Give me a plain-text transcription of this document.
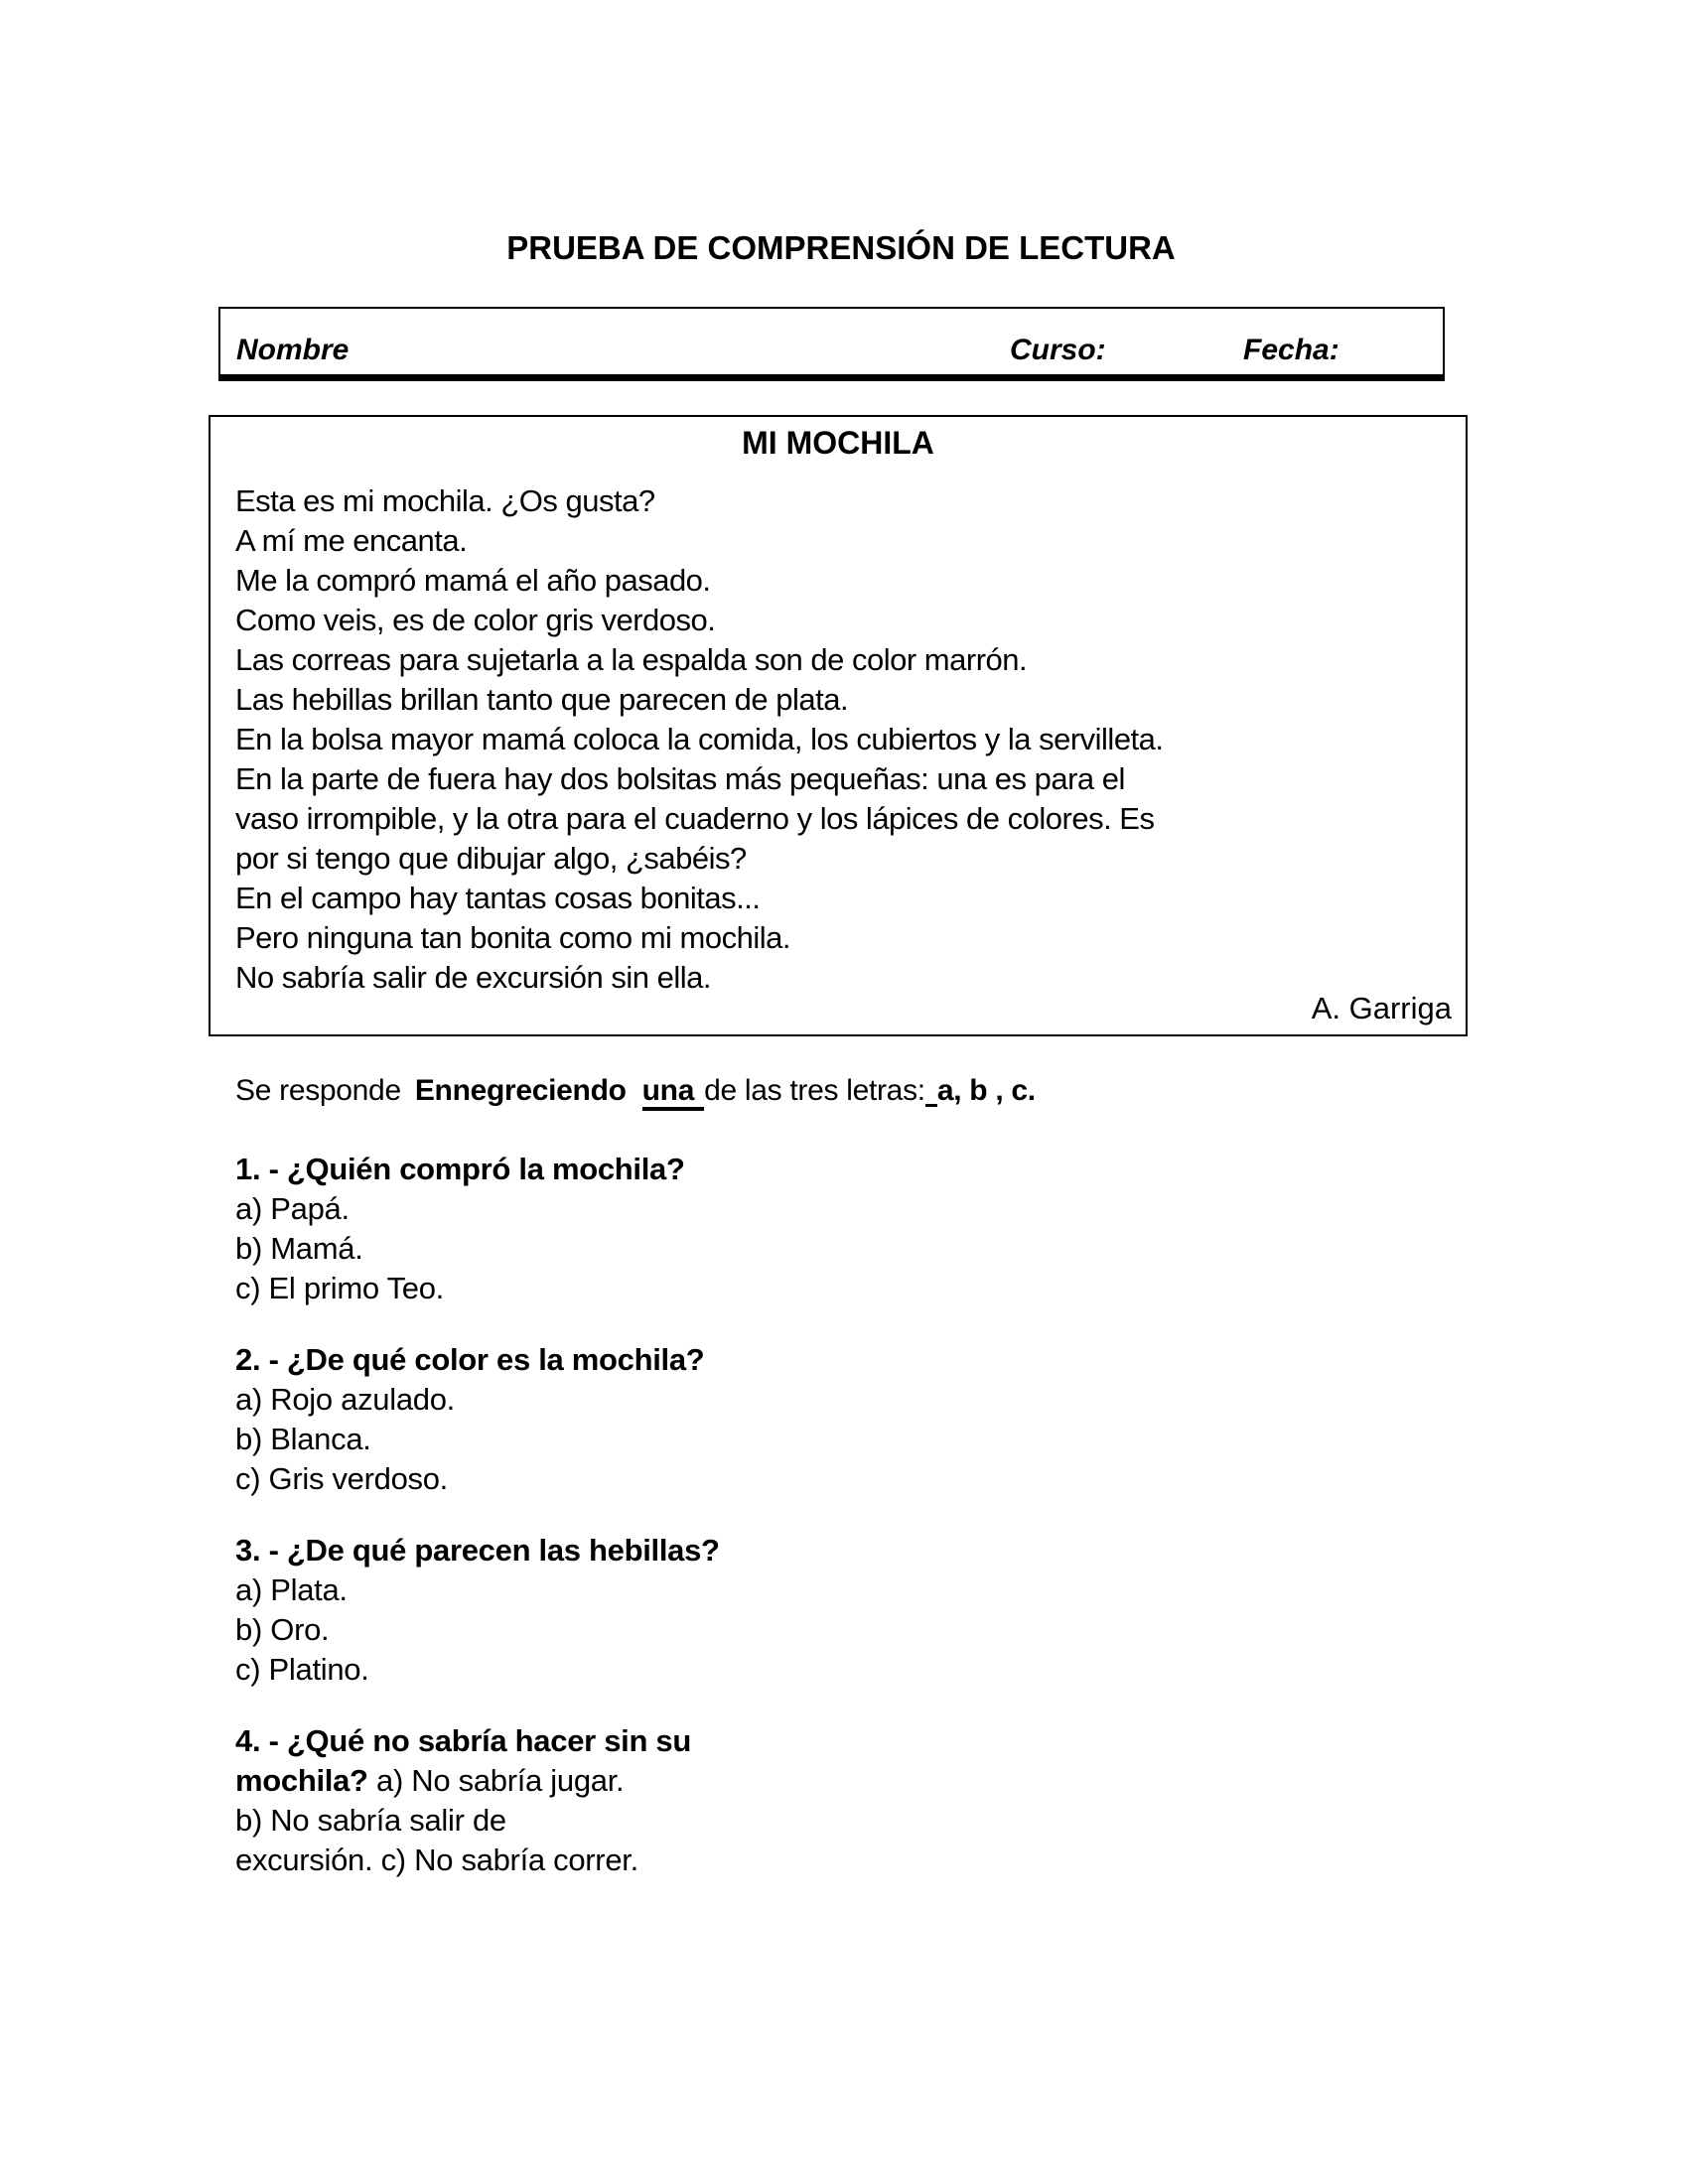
PRUEBA DE COMPRENSIÓN DE LECTURA
Nombre	Curso:	Fecha:
MI MOCHILA
Esta es mi mochila. ¿Os gusta?
A mí me encanta.
Me la compró mamá el año pasado.
Como veis, es de color gris verdoso.
Las correas para sujetarla a la espalda son de color marrón.
Las hebillas brillan tanto que parecen de plata.
En la bolsa mayor mamá coloca la comida, los cubiertos y la servilleta.
En la parte de fuera hay dos bolsitas más pequeñas: una es para el
vaso irrompible, y la otra para el cuaderno y los lápices de colores. Es
por si tengo que dibujar algo, ¿sabéis?
En el campo hay tantas cosas bonitas...
Pero ninguna tan bonita como mi mochila.
No sabría salir de excursión sin ella.
A. Garriga
Se responde Ennegreciendo una de las tres letras: a, b , c.
1. - ¿Quién compró la mochila?
a) Papá.
b) Mamá.
c) El primo Teo.
2. - ¿De qué color es la mochila?
a) Rojo azulado.
b) Blanca.
c) Gris verdoso.
3. - ¿De qué parecen las hebillas?
a) Plata.
b) Oro.
c) Platino.
4. - ¿Qué no sabría hacer sin su
mochila? a) No sabría jugar.
b) No sabría salir de
excursión. c) No sabría correr.
